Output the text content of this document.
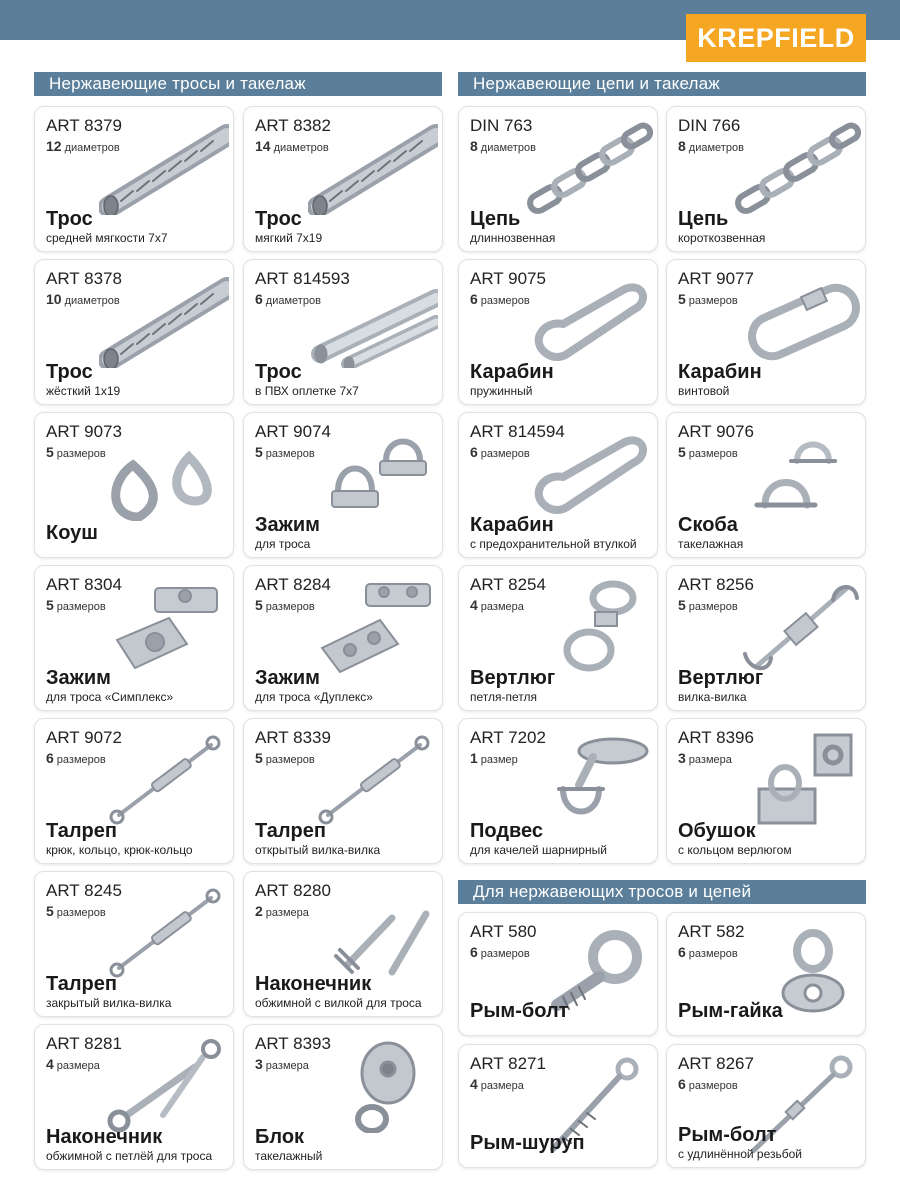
KREPFIELD
Нержавеющие тросы и такелаж	Нержавеющие цепи и такелаж
Для нержавеющих тросов и цепей
ART 8379
12 диаметров
Трос
средней мягкости 7x7
ART 8382
14 диаметров
Трос
мягкий 7x19
ART 8378
10 диаметров
Трос
жёсткий 1x19
ART 814593
6 диаметров
Трос
в ПВХ оплетке 7x7
ART 9073
5 размеров
Коуш
ART 9074
5 размеров
Зажим
для троса
ART 8304
5 размеров
Зажим
для троса «Симплекс»
ART 8284
5 размеров
Зажим
для троса «Дуплекс»
ART 9072
6 размеров
Талреп
крюк, кольцо, крюк-кольцо
ART 8339
5 размеров
Талреп
открытый вилка-вилка
ART 8245
5 размеров
Талреп
закрытый вилка-вилка
ART 8280
2 размера
Наконечник
обжимной с вилкой для троса
ART 8281
4 размера
Наконечник
обжимной с петлёй для троса
ART 8393
3 размера
Блок
такелажный
DIN 763
8 диаметров
Цепь
длиннозвенная
DIN 766
8 диаметров
Цепь
короткозвенная
ART 9075
6 размеров
Карабин
пружинный
ART 9077
5 размеров
Карабин
винтовой
ART 814594
6 размеров
Карабин
с предохранительной втулкой
ART 9076
5 размеров
Скоба
такелажная
ART 8254
4 размера
Вертлюг
петля-петля
ART 8256
5 размеров
Вертлюг
вилка-вилка
ART 7202
1 размер
Подвес
для качелей шарнирный
ART 8396
3 размера
Обушок
с кольцом верлюгом
ART 580
6 размеров
Рым-болт
ART 582
6 размеров
Рым-гайка
ART 8271
4 размера
Рым-шуруп
ART 8267
6 размеров
Рым-болт
с удлинённой резьбой
